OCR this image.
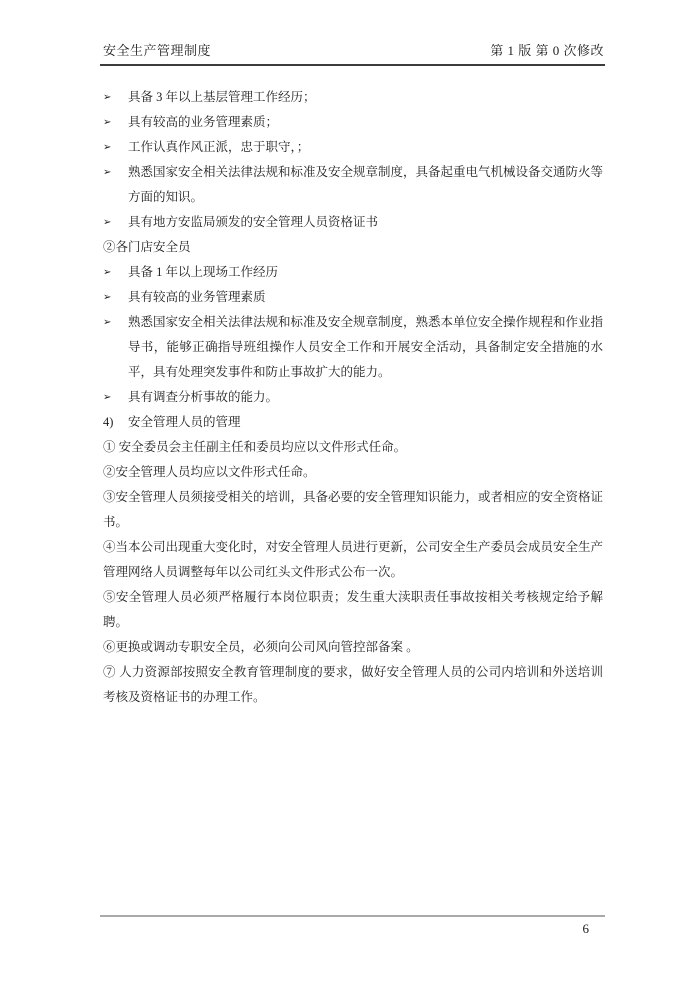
安全生产管理制度	第 1 版 第 0 次修改
➢	具备 3 年以上基层管理工作经历；
➢	具有较高的业务管理素质；
➢	工作认真作风正派，忠于职守，；
➢	熟悉国家安全相关法律法规和标准及安全规章制度，具备起重电气机械设备交通防火等方面的知识。
➢	具有地方安监局颁发的安全管理人员资格证书
②各门店安全员
➢	具备 1 年以上现场工作经历
➢	具有较高的业务管理素质
➢	熟悉国家安全相关法律法规和标准及安全规章制度，熟悉本单位安全操作规程和作业指导书，能够正确指导班组操作人员安全工作和开展安全活动，具备制定安全措施的水平，具有处理突发事件和防止事故扩大的能力。
➢	具有调查分析事故的能力。
4)	安全管理人员的管理
① 安全委员会主任副主任和委员均应以文件形式任命。
②安全管理人员均应以文件形式任命。
③安全管理人员须接受相关的培训，具备必要的安全管理知识能力，或者相应的安全资格证书。
④当本公司出现重大变化时，对安全管理人员进行更新，公司安全生产委员会成员安全生产管理网络人员调整每年以公司红头文件形式公布一次。
⑤安全管理人员必须严格履行本岗位职责；发生重大渎职责任事故按相关考核规定给予解聘。
⑥更换或调动专职安全员，必须向公司风向管控部备案 。
⑦ 人力资源部按照安全教育管理制度的要求，做好安全管理人员的公司内培训和外送培训考核及资格证书的办理工作。
6
